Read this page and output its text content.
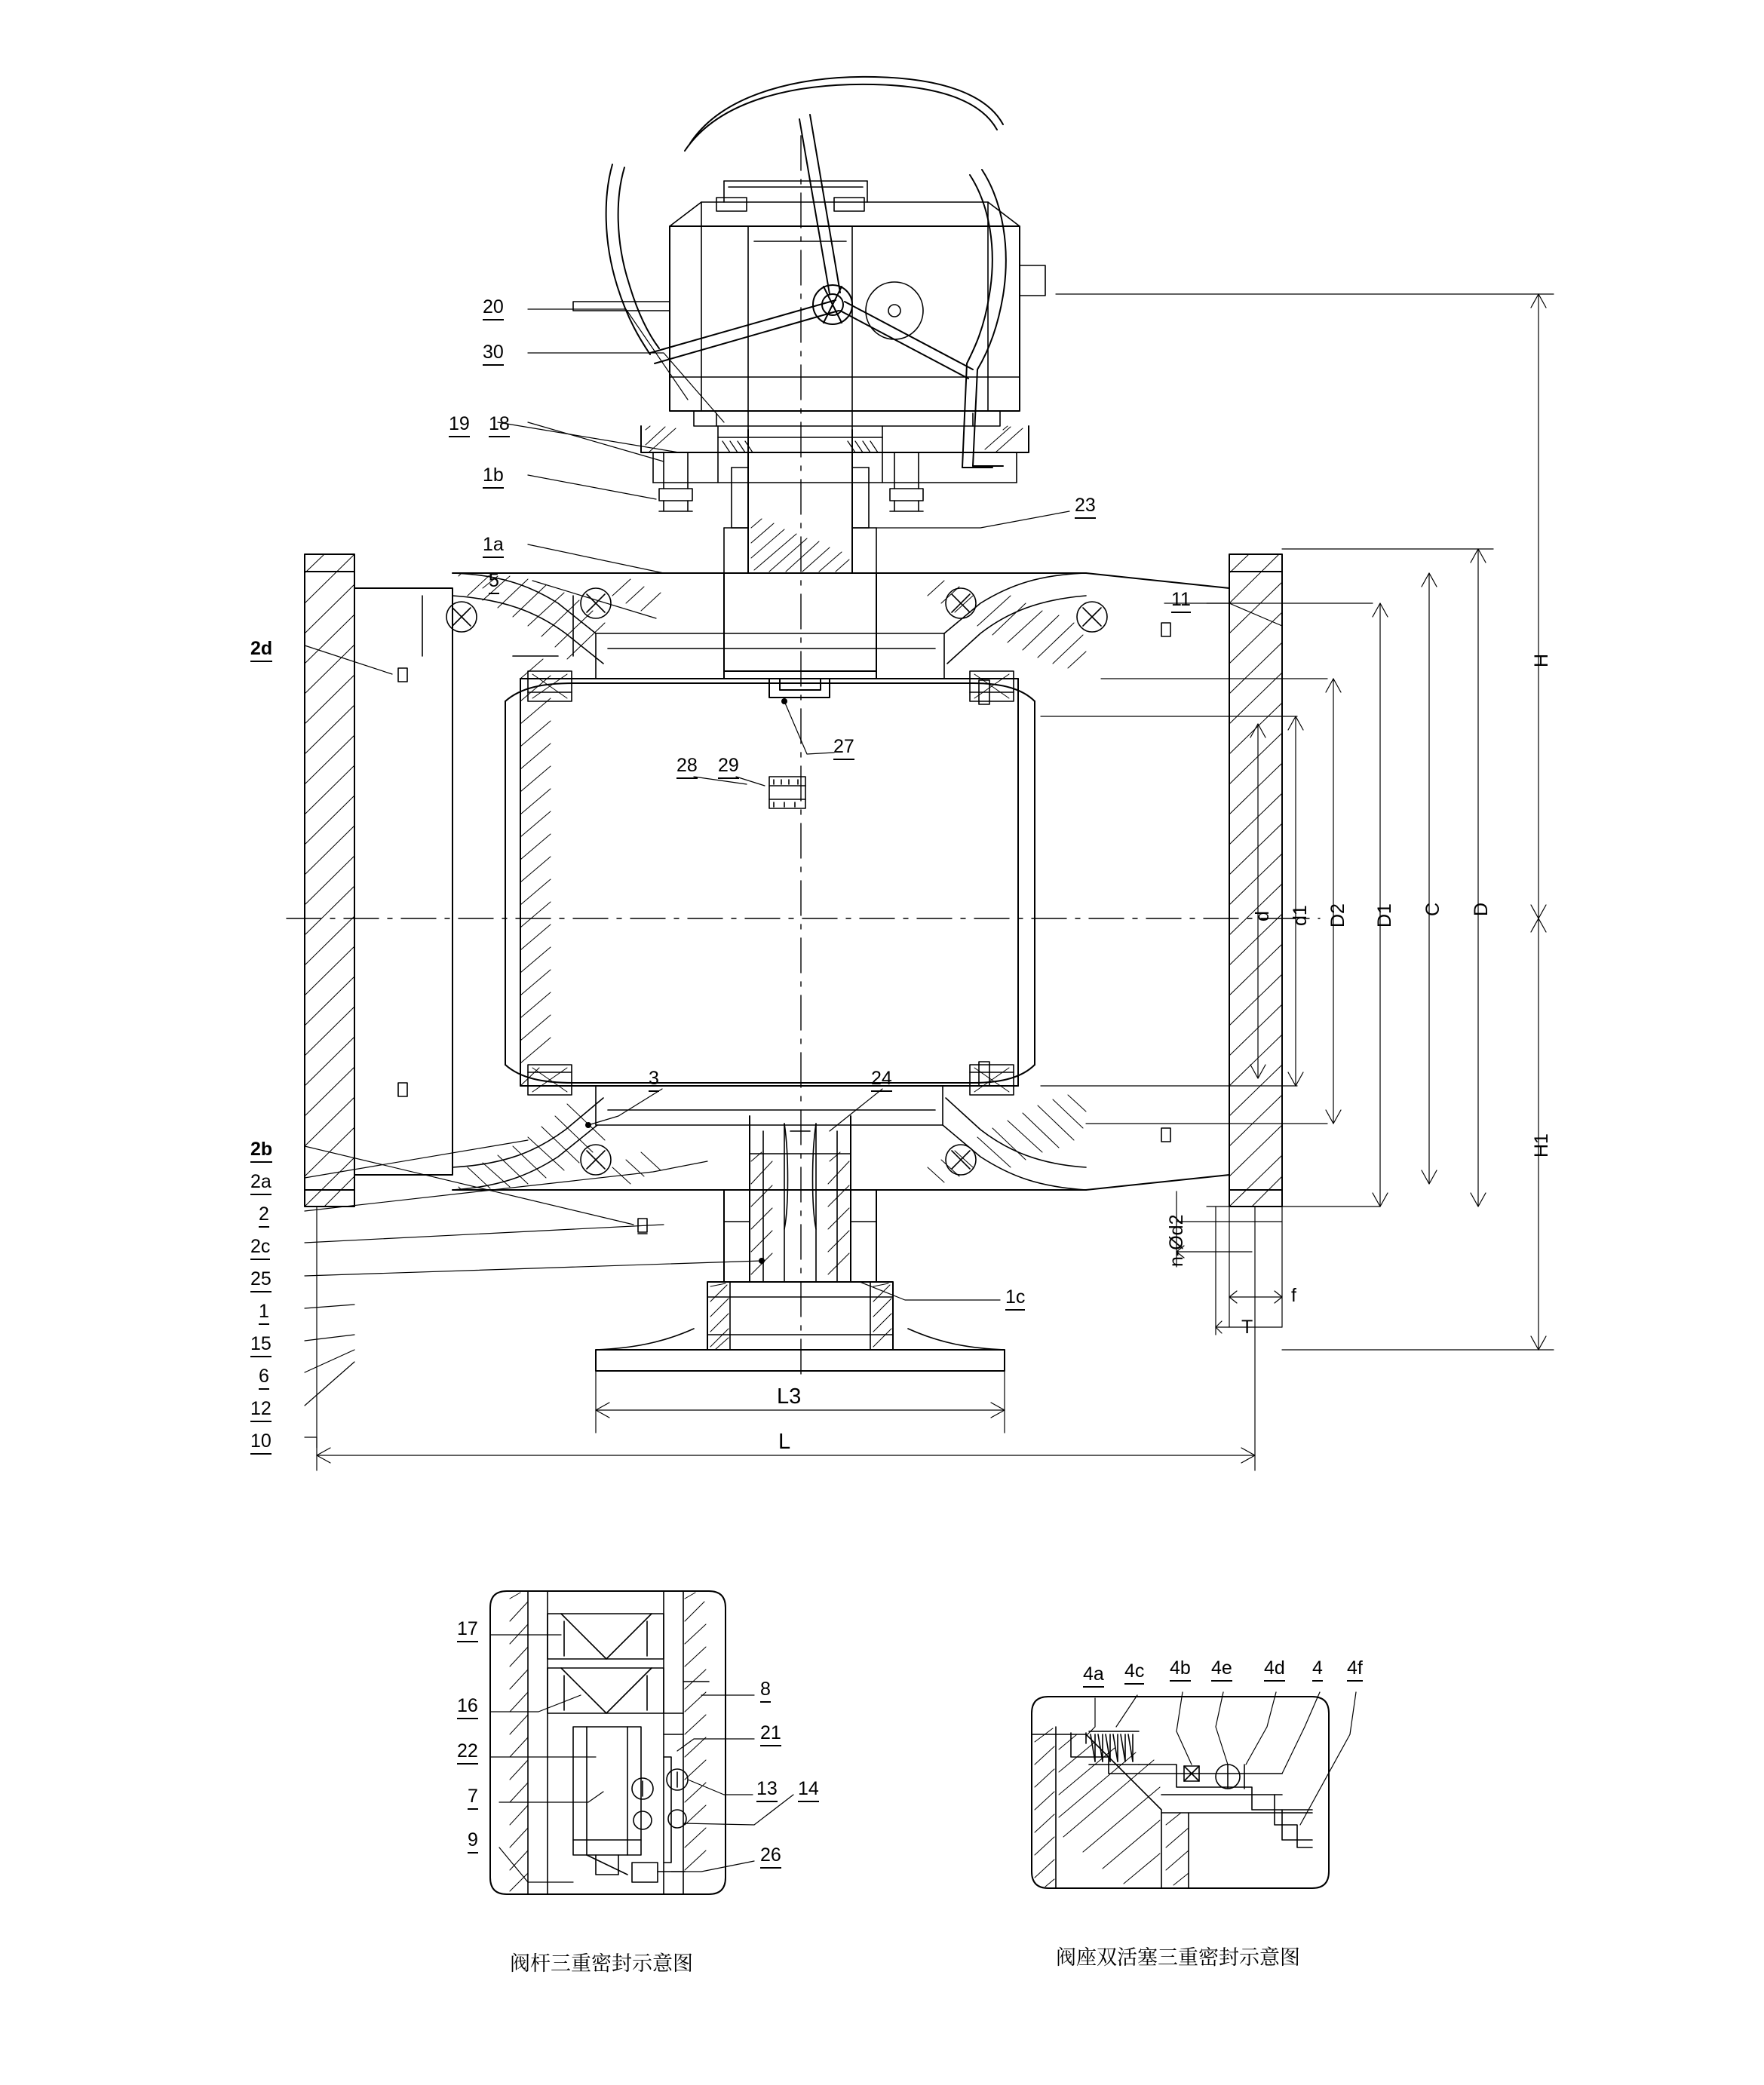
20
30
19 18
1b
1a
5
2d
2b
2a
2
2c
25
1
15
6
12
10
23
11
1c
27
28 29
3	24
H
H1
D
C
D1
D2
d1
d
n-Ød2
f
T
L3
L
17
16
22
7
9
8
21
13 14
26
阀杆三重密封示意图
4a 4c 4b 4e 4d 4 4f
阀座双活塞三重密封示意图
